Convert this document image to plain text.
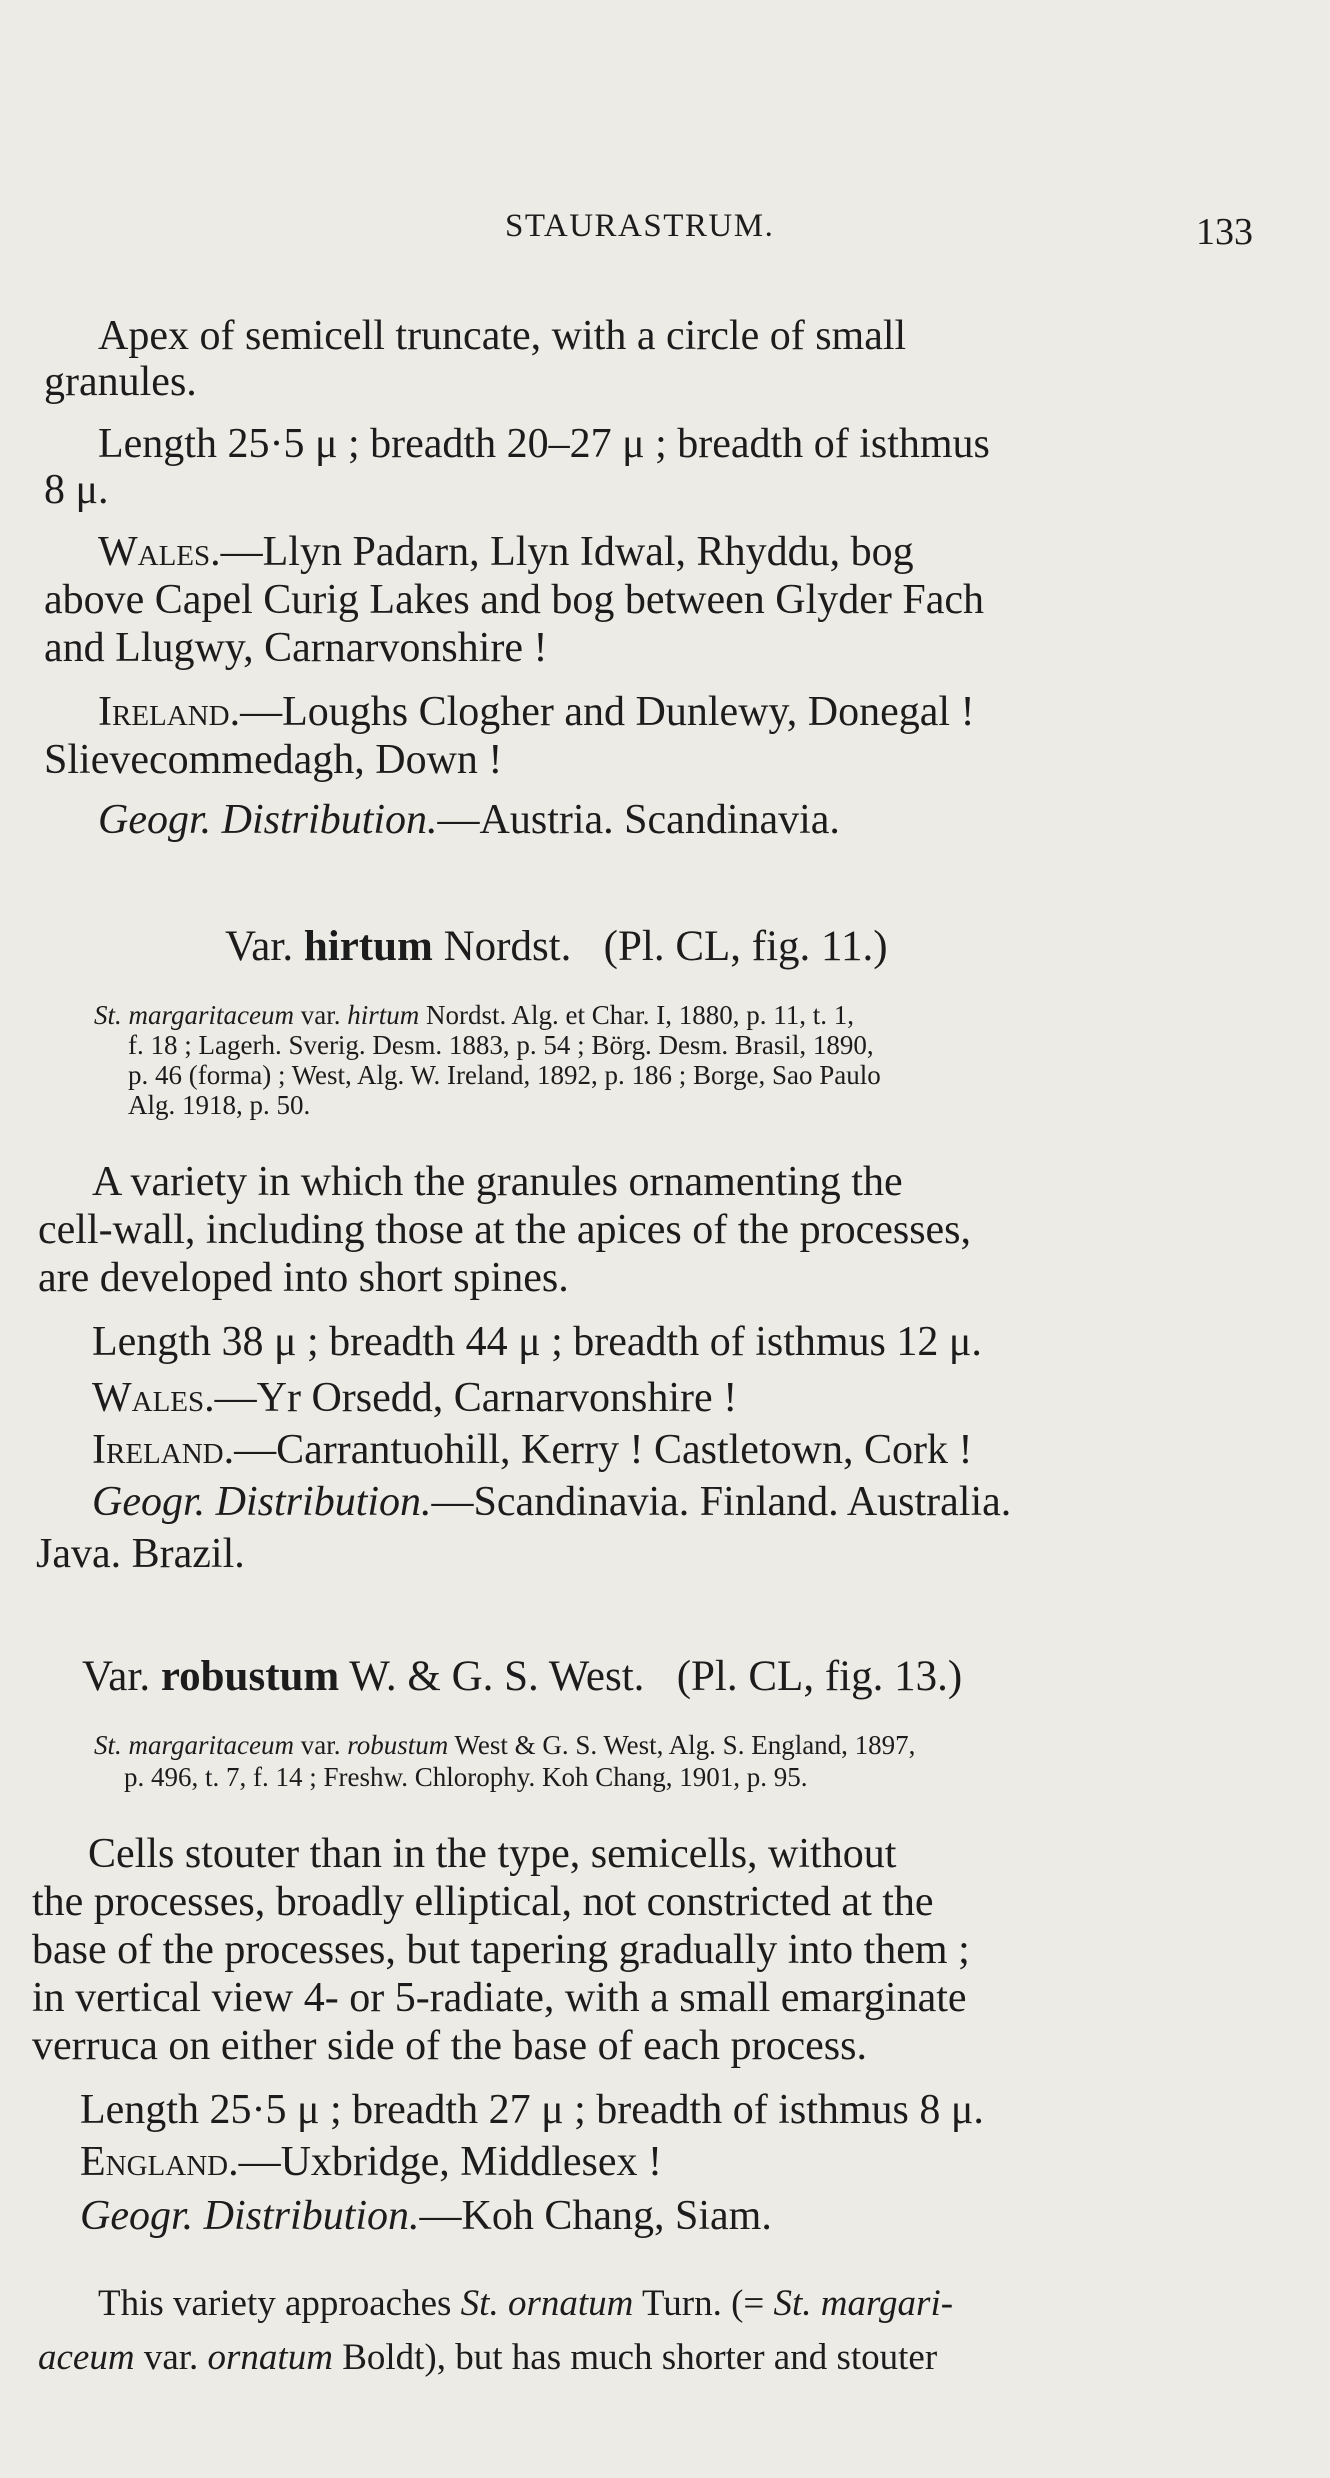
STAURASTRUM.	133
Apex of semicell truncate, with a circle of small
granules.
Length 25·5 μ ; breadth 20–27 μ ; breadth of isthmus
8 μ.
Wales.—Llyn Padarn, Llyn Idwal, Rhyddu, bog
above Capel Curig Lakes and bog between Glyder Fach
and Llugwy, Carnarvonshire !
Ireland.—Loughs Clogher and Dunlewy, Donegal !
Slievecommedagh, Down !
Geogr. Distribution.—Austria. Scandinavia.
Var. hirtum Nordst. (Pl. CL, fig. 11.)
St. margaritaceum var. hirtum Nordst. Alg. et Char. I, 1880, p. 11, t. 1,
f. 18 ; Lagerh. Sverig. Desm. 1883, p. 54 ; Börg. Desm. Brasil, 1890,
p. 46 (forma) ; West, Alg. W. Ireland, 1892, p. 186 ; Borge, Sao Paulo
Alg. 1918, p. 50.
A variety in which the granules ornamenting the
cell-wall, including those at the apices of the processes,
are developed into short spines.
Length 38 μ ; breadth 44 μ ; breadth of isthmus 12 μ.
Wales.—Yr Orsedd, Carnarvonshire !
Ireland.—Carrantuohill, Kerry ! Castletown, Cork !
Geogr. Distribution.—Scandinavia. Finland. Australia.
Java. Brazil.
Var. robustum W. & G. S. West. (Pl. CL, fig. 13.)
St. margaritaceum var. robustum West & G. S. West, Alg. S. England, 1897,
p. 496, t. 7, f. 14 ; Freshw. Chlorophy. Koh Chang, 1901, p. 95.
Cells stouter than in the type, semicells, without
the processes, broadly elliptical, not constricted at the
base of the processes, but tapering gradually into them ;
in vertical view 4- or 5-radiate, with a small emarginate
verruca on either side of the base of each process.
Length 25·5 μ ; breadth 27 μ ; breadth of isthmus 8 μ.
England.—Uxbridge, Middlesex !
Geogr. Distribution.—Koh Chang, Siam.
This variety approaches St. ornatum Turn. (= St. margari-
aceum var. ornatum Boldt), but has much shorter and stouter
